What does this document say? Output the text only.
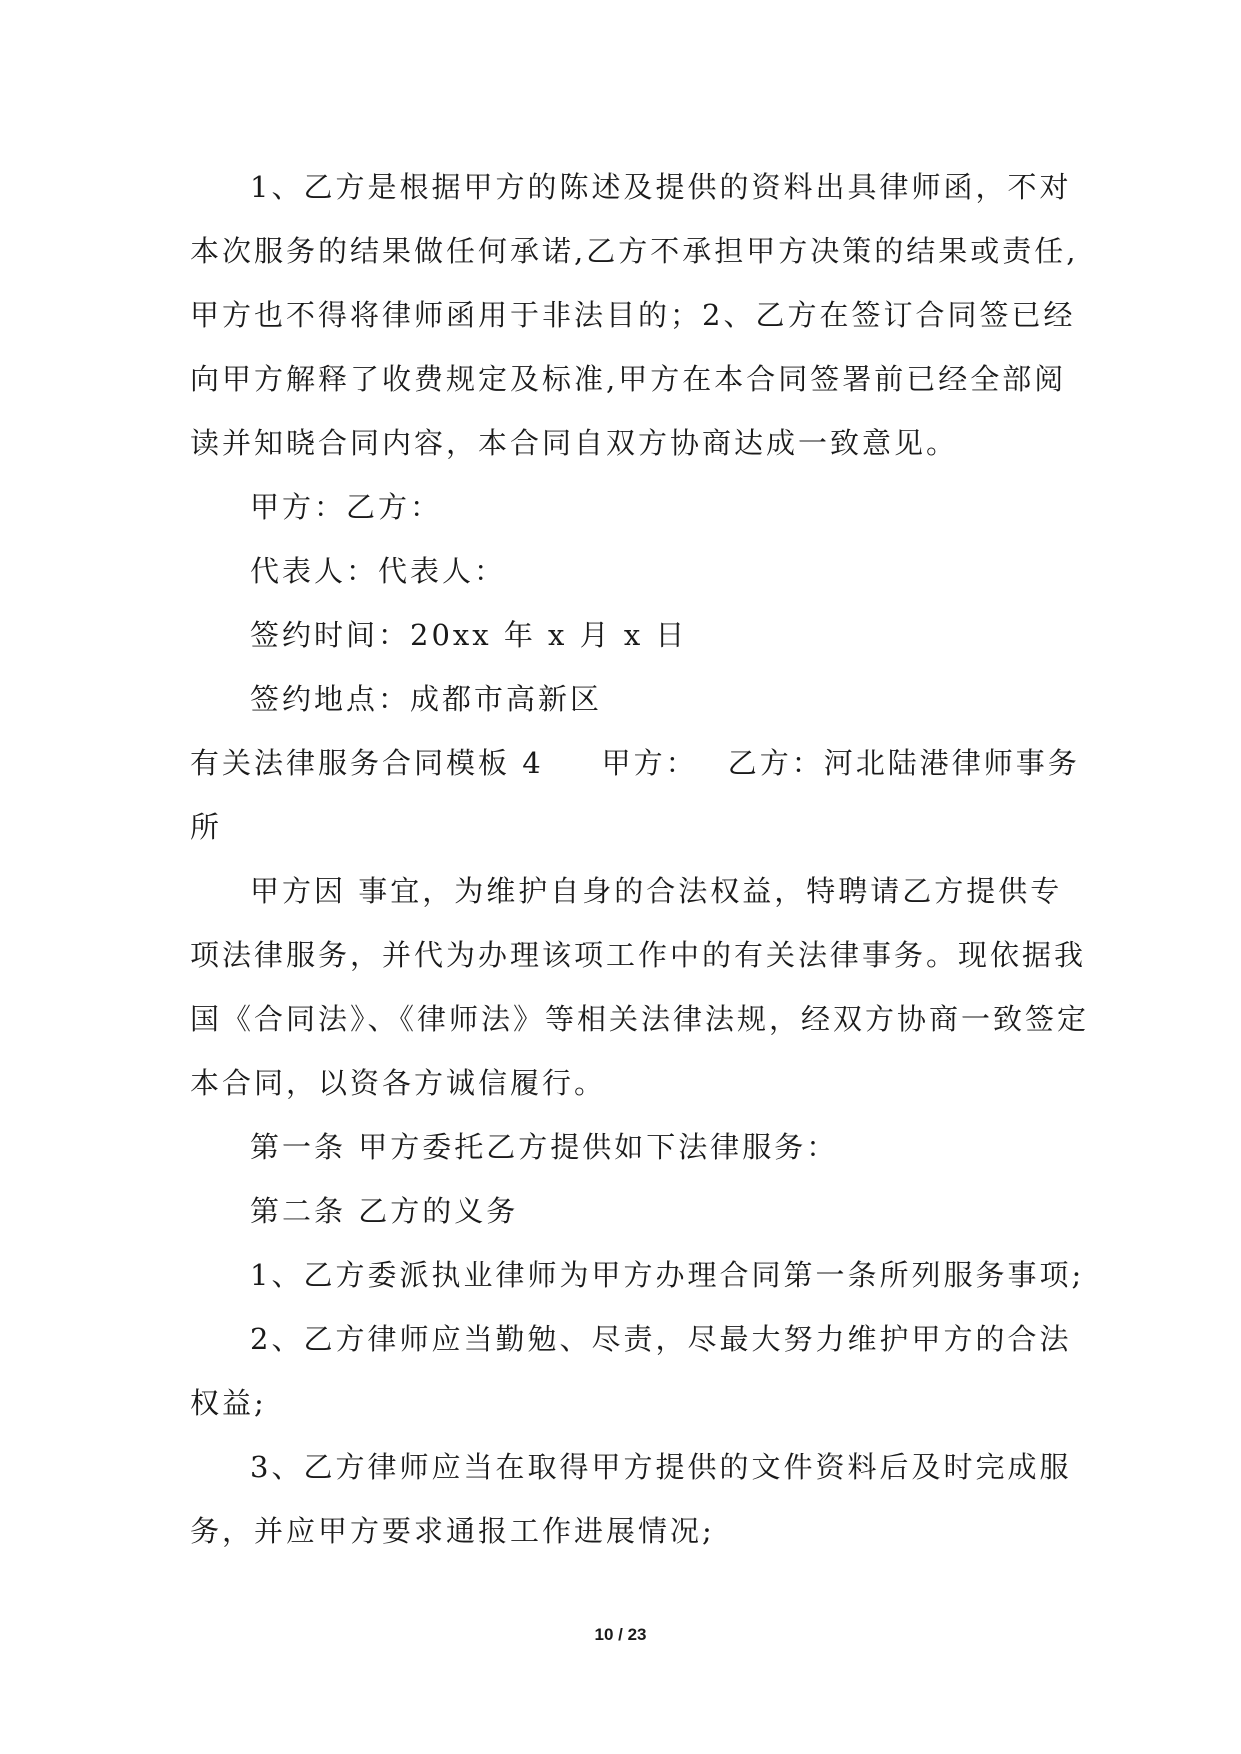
1、乙方是根据甲方的陈述及提供的资料出具律师函，不对
本次服务的结果做任何承诺,乙方不承担甲方决策的结果或责任,
甲方也不得将律师函用于非法目的；2、乙方在签订合同签已经
向甲方解释了收费规定及标准,甲方在本合同签署前已经全部阅
读并知晓合同内容，本合同自双方协商达成一致意见。
甲方：乙方：
代表人：代表人：
签约时间：20xx 年 x 月 x 日
签约地点：成都市高新区
有关法律服务合同模板 4 甲方： 乙方：河北陆港律师事务
所
甲方因 事宜，为维护自身的合法权益，特聘请乙方提供专
项法律服务，并代为办理该项工作中的有关法律事务。现依据我
国《合同法》、《律师法》等相关法律法规，经双方协商一致签定
本合同，以资各方诚信履行。
第一条 甲方委托乙方提供如下法律服务：
第二条 乙方的义务
1、乙方委派执业律师为甲方办理合同第一条所列服务事项;
2、乙方律师应当勤勉、尽责，尽最大努力维护甲方的合法
权益;
3、乙方律师应当在取得甲方提供的文件资料后及时完成服
务，并应甲方要求通报工作进展情况;
10 / 23
